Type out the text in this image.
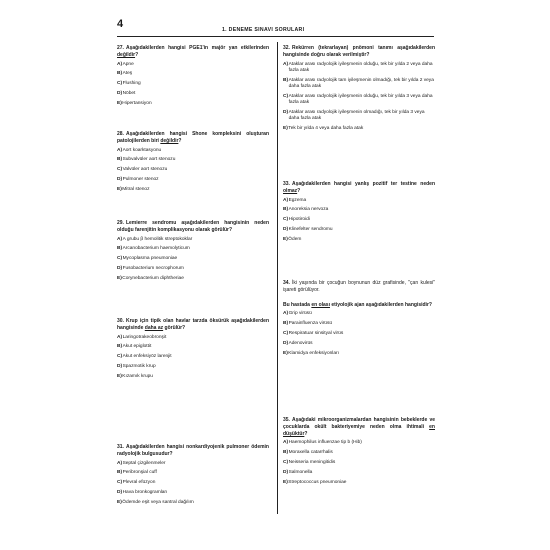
4	1. DENEME SINAVI SORULARI

27. Aşağıdakilerden hangisi PGE1'in majör yan etkilerinden değildir?

A) Apne
B) Ateş
C) Flushing
D) Nöbet
E) Hipertansiyon

28. Aşağıdakilerden hangisi Shone kompleksini oluşturan patolojilerden biri değildir?

A) Aort koarktasyonu
B) Subvalvüler aort stenozu
C) Valvüler aort stenozu
D) Pulmoner stenoz
E) Mitral stenoz

29. Lemierre sendromu aşağıdakilerden hangisinin neden olduğu farenjitin komplikasyonu olarak görülür?

A) A grubu β hemolitik streptokoklar
B) Arcanobacterium haemolyticum
C) Mycoplasma pneumoniae
D) Fusobacterium necrophorum
E) Corynebacterium diphtheriae

30. Krup için tipik olan havlar tarzda öksürük aşağıdakilerden hangisinde daha az görülür?

A) Laringotrakeobronşit
B) Akut epiglottit
C) Akut enfeksiyöz larenjit
D) Spazmotik krup
E) Kızamık krupu

31. Aşağıdakilerden hangisi nonkardiyojenik pulmoner ödemin radyolojik bulgusudur?

A) Septal çizgilenmeler
B) Peribronşial cuff
C) Plevral efüzyon
D) Hava bronkogramları
E) Ödemde eşit veya santral dağılım

32. Rekürren (tekrarlayan) pnömoni tanımı aşağıdakilerden hangisinde doğru olarak verilmiştir?

A) Ataklar arası radyolojik iyileşmenin olduğu, tek bir yılda 2 veya daha fazla atak
B) Ataklar arası radyolojik tam iyileşmenin olmadığı, tek bir yılda 2 veya daha fazla atak
C) Ataklar arası radyolojik iyileşmenin olduğu, tek bir yılda 3 veya daha fazla atak
D) Ataklar arası radyolojik iyileşmenin olmadığı, tek bir yılda 3 veya daha fazla atak
E) Tek bir yılda 4 veya daha fazla atak

33. Aşağıdakilerden hangisi yanlış pozitif ter testine neden olmaz?

A) Egzema
B) Anoreksia nervoza
C) Hipotiroidi
D) Klinefelter sendromu
E) Ödem

34. İki yaşında bir çocuğun boynunun düz grafisinde, "çan kulesi" işareti görülüyor.

Bu hastada en olası etiyolojik ajan aşağıdakilerden hangisidir?

A) Grip virüsü
B) Parainfluenza virüsü
C) Respiratuar sinsityal virüs
D) Adenovirüs
E) Klamidya enfeksiyonları

35. Aşağıdaki mikroorganizmalardan hangisinin bebeklerde ve çocuklarda okült bakteriyemiye neden olma ihtimali en düşüktür?

A) Haemophilus influenzae tip b (Hib)
B) Moraxella catarrhalis
C) Neisseria meningitidis
D) Salmonella
E) Streptococcus pneumoniae
